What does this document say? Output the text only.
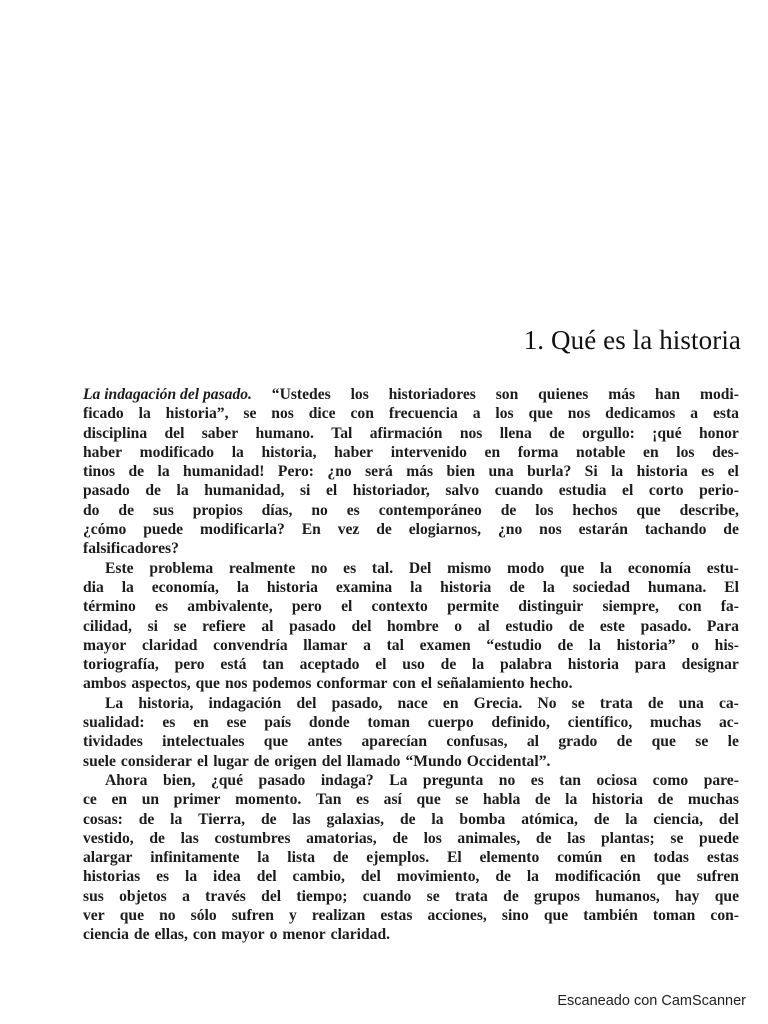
1. Qué es la historia
La indagación del pasado. “Ustedes los historiadores son quienes más han modi-
ficado la historia”, se nos dice con frecuencia a los que nos dedicamos a esta
disciplina del saber humano. Tal afirmación nos llena de orgullo: ¡qué honor
haber modificado la historia, haber intervenido en forma notable en los des-
tinos de la humanidad! Pero: ¿no será más bien una burla? Si la historia es el
pasado de la humanidad, si el historiador, salvo cuando estudia el corto perio-
do de sus propios días, no es contemporáneo de los hechos que describe,
¿cómo puede modificarla? En vez de elogiarnos, ¿no nos estarán tachando de
falsificadores?
Este problema realmente no es tal. Del mismo modo que la economía estu-
dia la economía, la historia examina la historia de la sociedad humana. El
término es ambivalente, pero el contexto permite distinguir siempre, con fa-
cilidad, si se refiere al pasado del hombre o al estudio de este pasado. Para
mayor claridad convendría llamar a tal examen “estudio de la historia” o his-
toriografía, pero está tan aceptado el uso de la palabra historia para designar
ambos aspectos, que nos podemos conformar con el señalamiento hecho.
La historia, indagación del pasado, nace en Grecia. No se trata de una ca-
sualidad: es en ese país donde toman cuerpo definido, científico, muchas ac-
tividades intelectuales que antes aparecían confusas, al grado de que se le
suele considerar el lugar de origen del llamado “Mundo Occidental”.
Ahora bien, ¿qué pasado indaga? La pregunta no es tan ociosa como pare-
ce en un primer momento. Tan es así que se habla de la historia de muchas
cosas: de la Tierra, de las galaxias, de la bomba atómica, de la ciencia, del
vestido, de las costumbres amatorias, de los animales, de las plantas; se puede
alargar infinitamente la lista de ejemplos. El elemento común en todas estas
historias es la idea del cambio, del movimiento, de la modificación que sufren
sus objetos a través del tiempo; cuando se trata de grupos humanos, hay que
ver que no sólo sufren y realizan estas acciones, sino que también toman con-
ciencia de ellas, con mayor o menor claridad.
Escaneado con CamScanner
